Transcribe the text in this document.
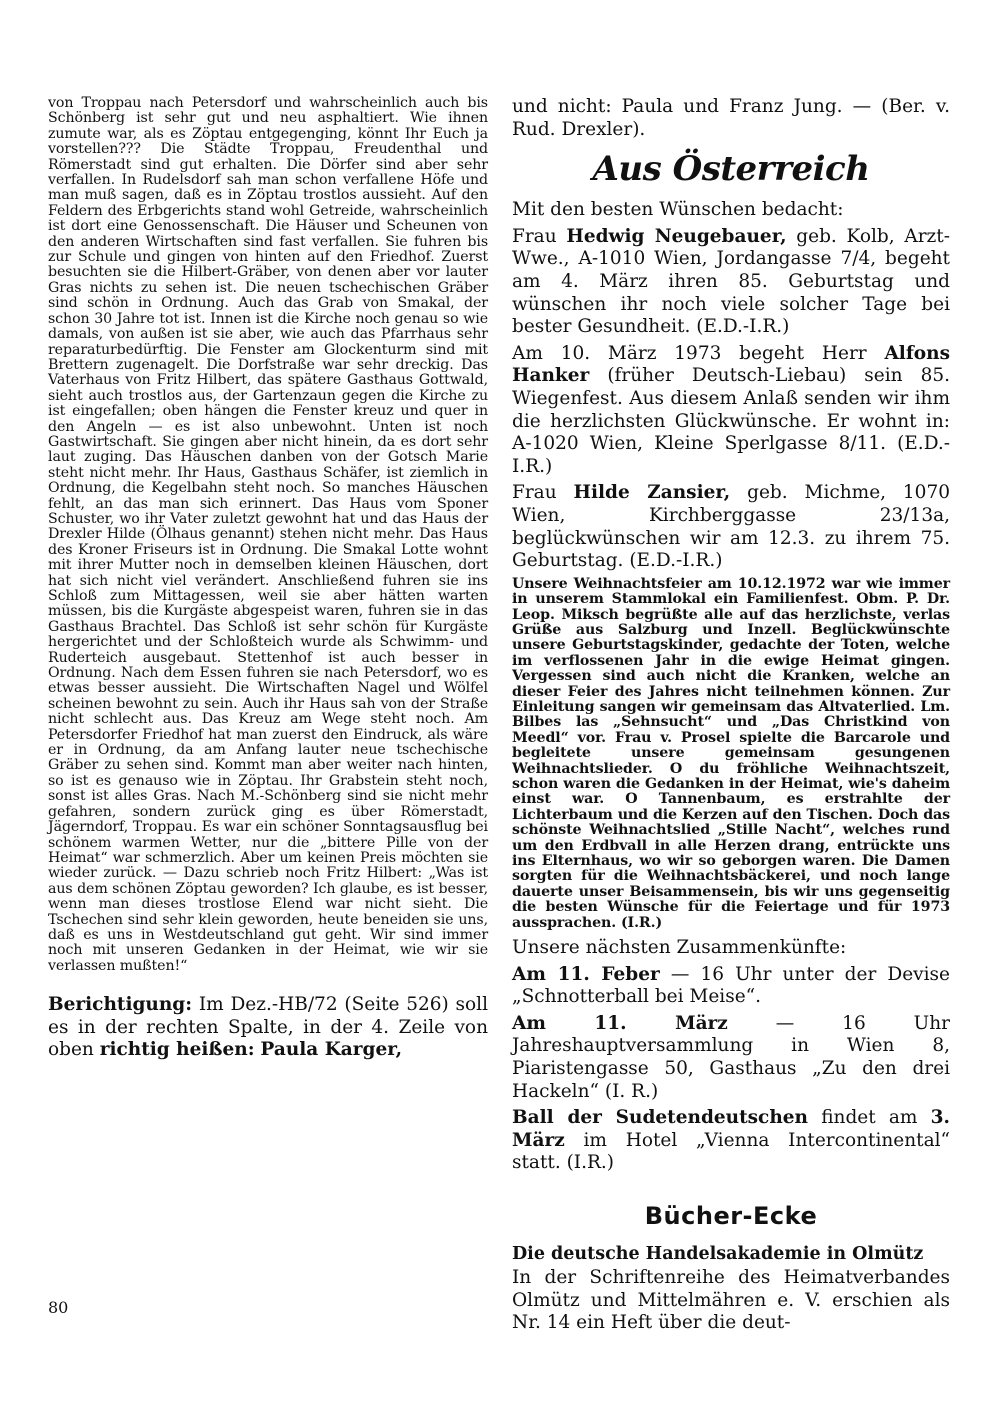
von Troppau nach Petersdorf und wahrscheinlich auch bis Schönberg ist sehr gut und neu asphaltiert. Wie ihnen zumute war, als es Zöptau entgegenging, könnt Ihr Euch ja vorstellen??? Die Städte Troppau, Freudenthal und Römerstadt sind gut erhalten. Die Dörfer sind aber sehr verfallen. In Rudelsdorf sah man schon verfallene Höfe und man muß sagen, daß es in Zöptau trostlos aussieht. Auf den Feldern des Erbgerichts stand wohl Getreide, wahrscheinlich ist dort eine Genossenschaft. Die Häuser und Scheunen von den anderen Wirtschaften sind fast verfallen. Sie fuhren bis zur Schule und gingen von hinten auf den Friedhof. Zuerst besuchten sie die Hilbert-Gräber, von denen aber vor lauter Gras nichts zu sehen ist. Die neuen tschechischen Gräber sind schön in Ordnung. Auch das Grab von Smakal, der schon 30 Jahre tot ist. Innen ist die Kirche noch genau so wie damals, von außen ist sie aber, wie auch das Pfarrhaus sehr reparaturbedürftig. Die Fenster am Glockenturm sind mit Brettern zugenagelt. Die Dorfstraße war sehr dreckig. Das Vaterhaus von Fritz Hilbert, das spätere Gasthaus Gottwald, sieht auch trostlos aus, der Gartenzaun gegen die Kirche zu ist eingefallen; oben hängen die Fenster kreuz und quer in den Angeln — es ist also unbewohnt. Unten ist noch Gastwirtschaft. Sie gingen aber nicht hinein, da es dort sehr laut zuging. Das Häuschen danben von der Gotsch Marie steht nicht mehr. Ihr Haus, Gasthaus Schäfer, ist ziemlich in Ordnung, die Kegelbahn steht noch. So manches Häuschen fehlt, an das man sich erinnert. Das Haus vom Sponer Schuster, wo ihr Vater zuletzt gewohnt hat und das Haus der Drexler Hilde (Ölhaus genannt) stehen nicht mehr. Das Haus des Kroner Friseurs ist in Ordnung. Die Smakal Lotte wohnt mit ihrer Mutter noch in demselben kleinen Häuschen, dort hat sich nicht viel verändert. Anschließend fuhren sie ins Schloß zum Mittagessen, weil sie aber hätten warten müssen, bis die Kurgäste abgespeist waren, fuhren sie in das Gasthaus Brachtel. Das Schloß ist sehr schön für Kurgäste hergerichtet und der Schloßteich wurde als Schwimm- und Ruderteich ausgebaut. Stettenhof ist auch besser in Ordnung. Nach dem Essen fuhren sie nach Petersdorf, wo es etwas besser aussieht. Die Wirtschaften Nagel und Wölfel scheinen bewohnt zu sein. Auch ihr Haus sah von der Straße nicht schlecht aus. Das Kreuz am Wege steht noch. Am Petersdorfer Friedhof hat man zuerst den Eindruck, als wäre er in Ordnung, da am Anfang lauter neue tschechische Gräber zu sehen sind. Kommt man aber weiter nach hinten, so ist es genauso wie in Zöptau. Ihr Grabstein steht noch, sonst ist alles Gras. Nach M.-Schönberg sind sie nicht mehr gefahren, sondern zurück ging es über Römerstadt, Jägerndorf, Troppau. Es war ein schöner Sonntagsausflug bei schönem warmen Wetter, nur die „bittere Pille von der Heimat“ war schmerzlich. Aber um keinen Preis möchten sie wieder zurück. — Dazu schrieb noch Fritz Hilbert: „Was ist aus dem schönen Zöptau geworden? Ich glaube, es ist besser, wenn man dieses trostlose Elend war nicht sieht. Die Tschechen sind sehr klein geworden, heute beneiden sie uns, daß es uns in Westdeutschland gut geht. Wir sind immer noch mit unseren Gedanken in der Heimat, wie wir sie verlassen mußten!“

Berichtigung: Im Dez.-HB/72 (Seite 526) soll es in der rechten Spalte, in der 4. Zeile von oben richtig heißen: Paula Karger,

80

und nicht: Paula und Franz Jung. — (Ber. v. Rud. Drexler).

Aus Österreich

Mit den besten Wünschen bedacht:

Frau Hedwig Neugebauer, geb. Kolb, Arzt-Wwe., A-1010 Wien, Jordangasse 7/4, begeht am 4. März ihren 85. Geburtstag und wünschen ihr noch viele solcher Tage bei bester Gesundheit. (E.D.-I.R.)

Am 10. März 1973 begeht Herr Alfons Hanker (früher Deutsch-Liebau) sein 85. Wiegenfest. Aus diesem Anlaß senden wir ihm die herzlichsten Glückwünsche. Er wohnt in: A-1020 Wien, Kleine Sperlgasse 8/11. (E.D.-I.R.)

Frau Hilde Zansier, geb. Michme, 1070 Wien, Kirchberggasse 23/13a, beglückwünschen wir am 12.3. zu ihrem 75. Geburtstag. (E.D.-I.R.)

Unsere Weihnachtsfeier am 10.12.1972 war wie immer in unserem Stammlokal ein Familienfest. Obm. P. Dr. Leop. Miksch begrüßte alle auf das herzlichste, verlas Grüße aus Salzburg und Inzell. Beglückwünschte unsere Geburtstagskinder, gedachte der Toten, welche im verflossenen Jahr in die ewige Heimat gingen. Vergessen sind auch nicht die Kranken, welche an dieser Feier des Jahres nicht teilnehmen können. Zur Einleitung sangen wir gemeinsam das Altvaterlied. Lm. Bilbes las „Sehnsucht“ und „Das Christkind von Meedl“ vor. Frau v. Prosel spielte die Barcarole und begleitete unsere gemeinsam gesungenen Weihnachtslieder. O du fröhliche Weihnachtszeit, schon waren die Gedanken in der Heimat, wie's daheim einst war. O Tannenbaum, es erstrahlte der Lichterbaum und die Kerzen auf den Tischen. Doch das schönste Weihnachtslied „Stille Nacht“, welches rund um den Erdbvall in alle Herzen drang, entrückte uns ins Elternhaus, wo wir so geborgen waren. Die Damen sorgten für die Weihnachtsbäckerei, und noch lange dauerte unser Beisammensein, bis wir uns gegenseitig die besten Wünsche für die Feiertage und für 1973 aussprachen. (I.R.)

Unsere nächsten Zusammenkünfte:

Am 11. Feber — 16 Uhr unter der Devise „Schnotterball bei Meise“.

Am 11. März — 16 Uhr Jahreshauptversammlung in Wien 8, Piaristengasse 50, Gasthaus „Zu den drei Hackeln“ (I. R.)

Ball der Sudetendeutschen findet am 3. März im Hotel „Vienna Intercontinental“ statt. (I.R.)

Bücher-Ecke
Die deutsche Handelsakademie in Olmütz

In der Schriftenreihe des Heimatverbandes Olmütz und Mittelmähren e. V. erschien als Nr. 14 ein Heft über die deut-
